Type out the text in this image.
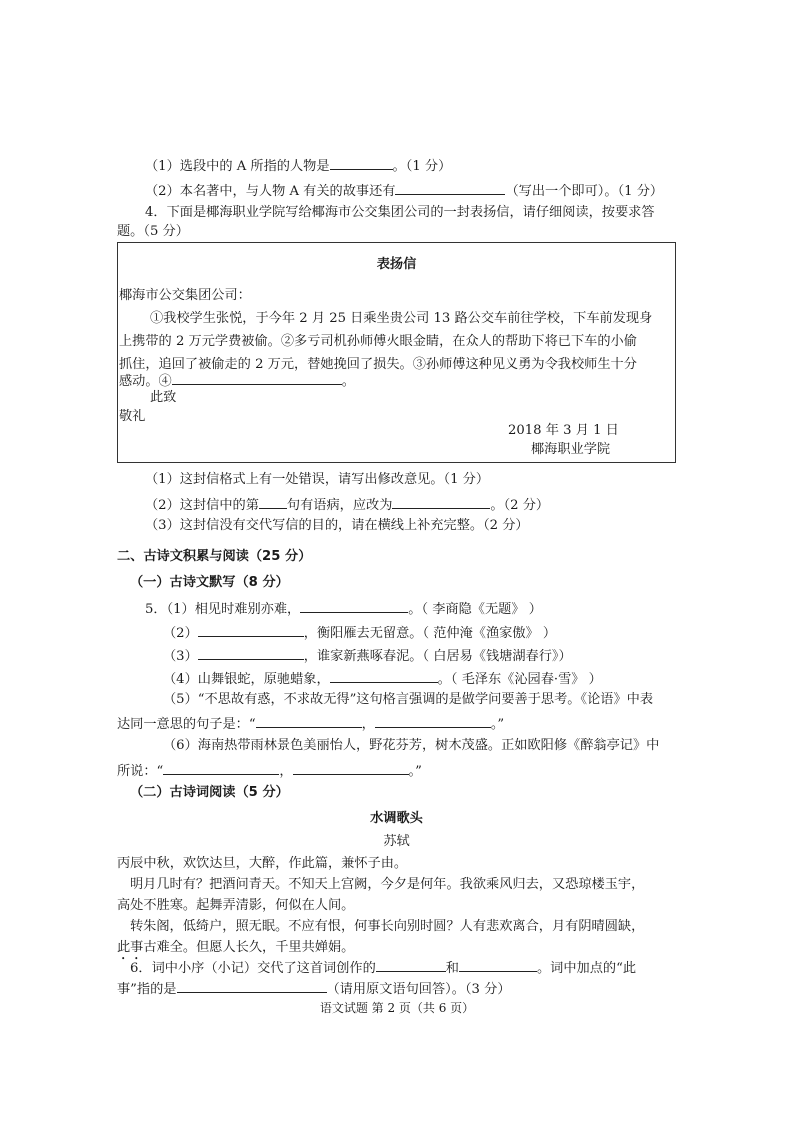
（1）选段中的 A 所指的人物是	。（1 分）
（2）本名著中，与人物 A 有关的故事还有	（写出一个即可）。（1 分）
4．下面是椰海职业学院写给椰海市公交集团公司的一封表扬信，请仔细阅读，按要求答
题。（5 分）
表扬信
椰海市公交集团公司：
①我校学生张悦，于今年 2 月 25 日乘坐贵公司 13 路公交车前往学校，下车前发现身
上携带的 2 万元学费被偷。②多亏司机孙师傅火眼金睛，在众人的帮助下将已下车的小偷
抓住，追回了被偷走的 2 万元，替她挽回了损失。③孙师傅这种见义勇为令我校师生十分
感动。④	。
此致
敬礼
2018 年 3 月 1 日
椰海职业学院
（1）这封信格式上有一处错误，请写出修改意见。（1 分）
（2）这封信中的第 句有语病，应改为	。（2 分）
（3）这封信没有交代写信的目的，请在横线上补充完整。（2 分）
二、古诗文积累与阅读（25 分）
（一）古诗文默写（8 分）
5．（1）相见时难别亦难，	。（ 李商隐《无题》 ）
（2）	，衡阳雁去无留意。（ 范仲淹《渔家傲》 ）
（3）	，谁家新燕啄春泥。（ 白居易《钱塘湖春行》）
（4）山舞银蛇，原驰蜡象，	。（ 毛泽东《沁园春·雪》 ）
（5）“不思故有惑，不求故无得”这句格言强调的是做学问要善于思考。《论语》中表
达同一意思的句子是：“	，	。”
（6）海南热带雨林景色美丽怡人，野花芬芳，树木茂盛。正如欧阳修《醉翁亭记》中
所说：“	，	。”
（二）古诗词阅读（5 分）
水调歌头
苏轼
丙辰中秋，欢饮达旦，大醉，作此篇，兼怀子由。
明月几时有？把酒问青天。不知天上宫阙，今夕是何年。我欲乘风归去，又恐琼楼玉宇，
高处不胜寒。起舞弄清影，何似在人间。
转朱阁，低绮户，照无眠。不应有恨，何事长向别时圆？人有悲欢离合，月有阴晴圆缺，
此事古难全。但愿人长久，千里共婵娟。
6．词中小序（小记）交代了这首词创作的	和	。词中加点的“此
事”指的是	（请用原文语句回答）。（3 分）
语文试题 第 2 页（共 6 页）
